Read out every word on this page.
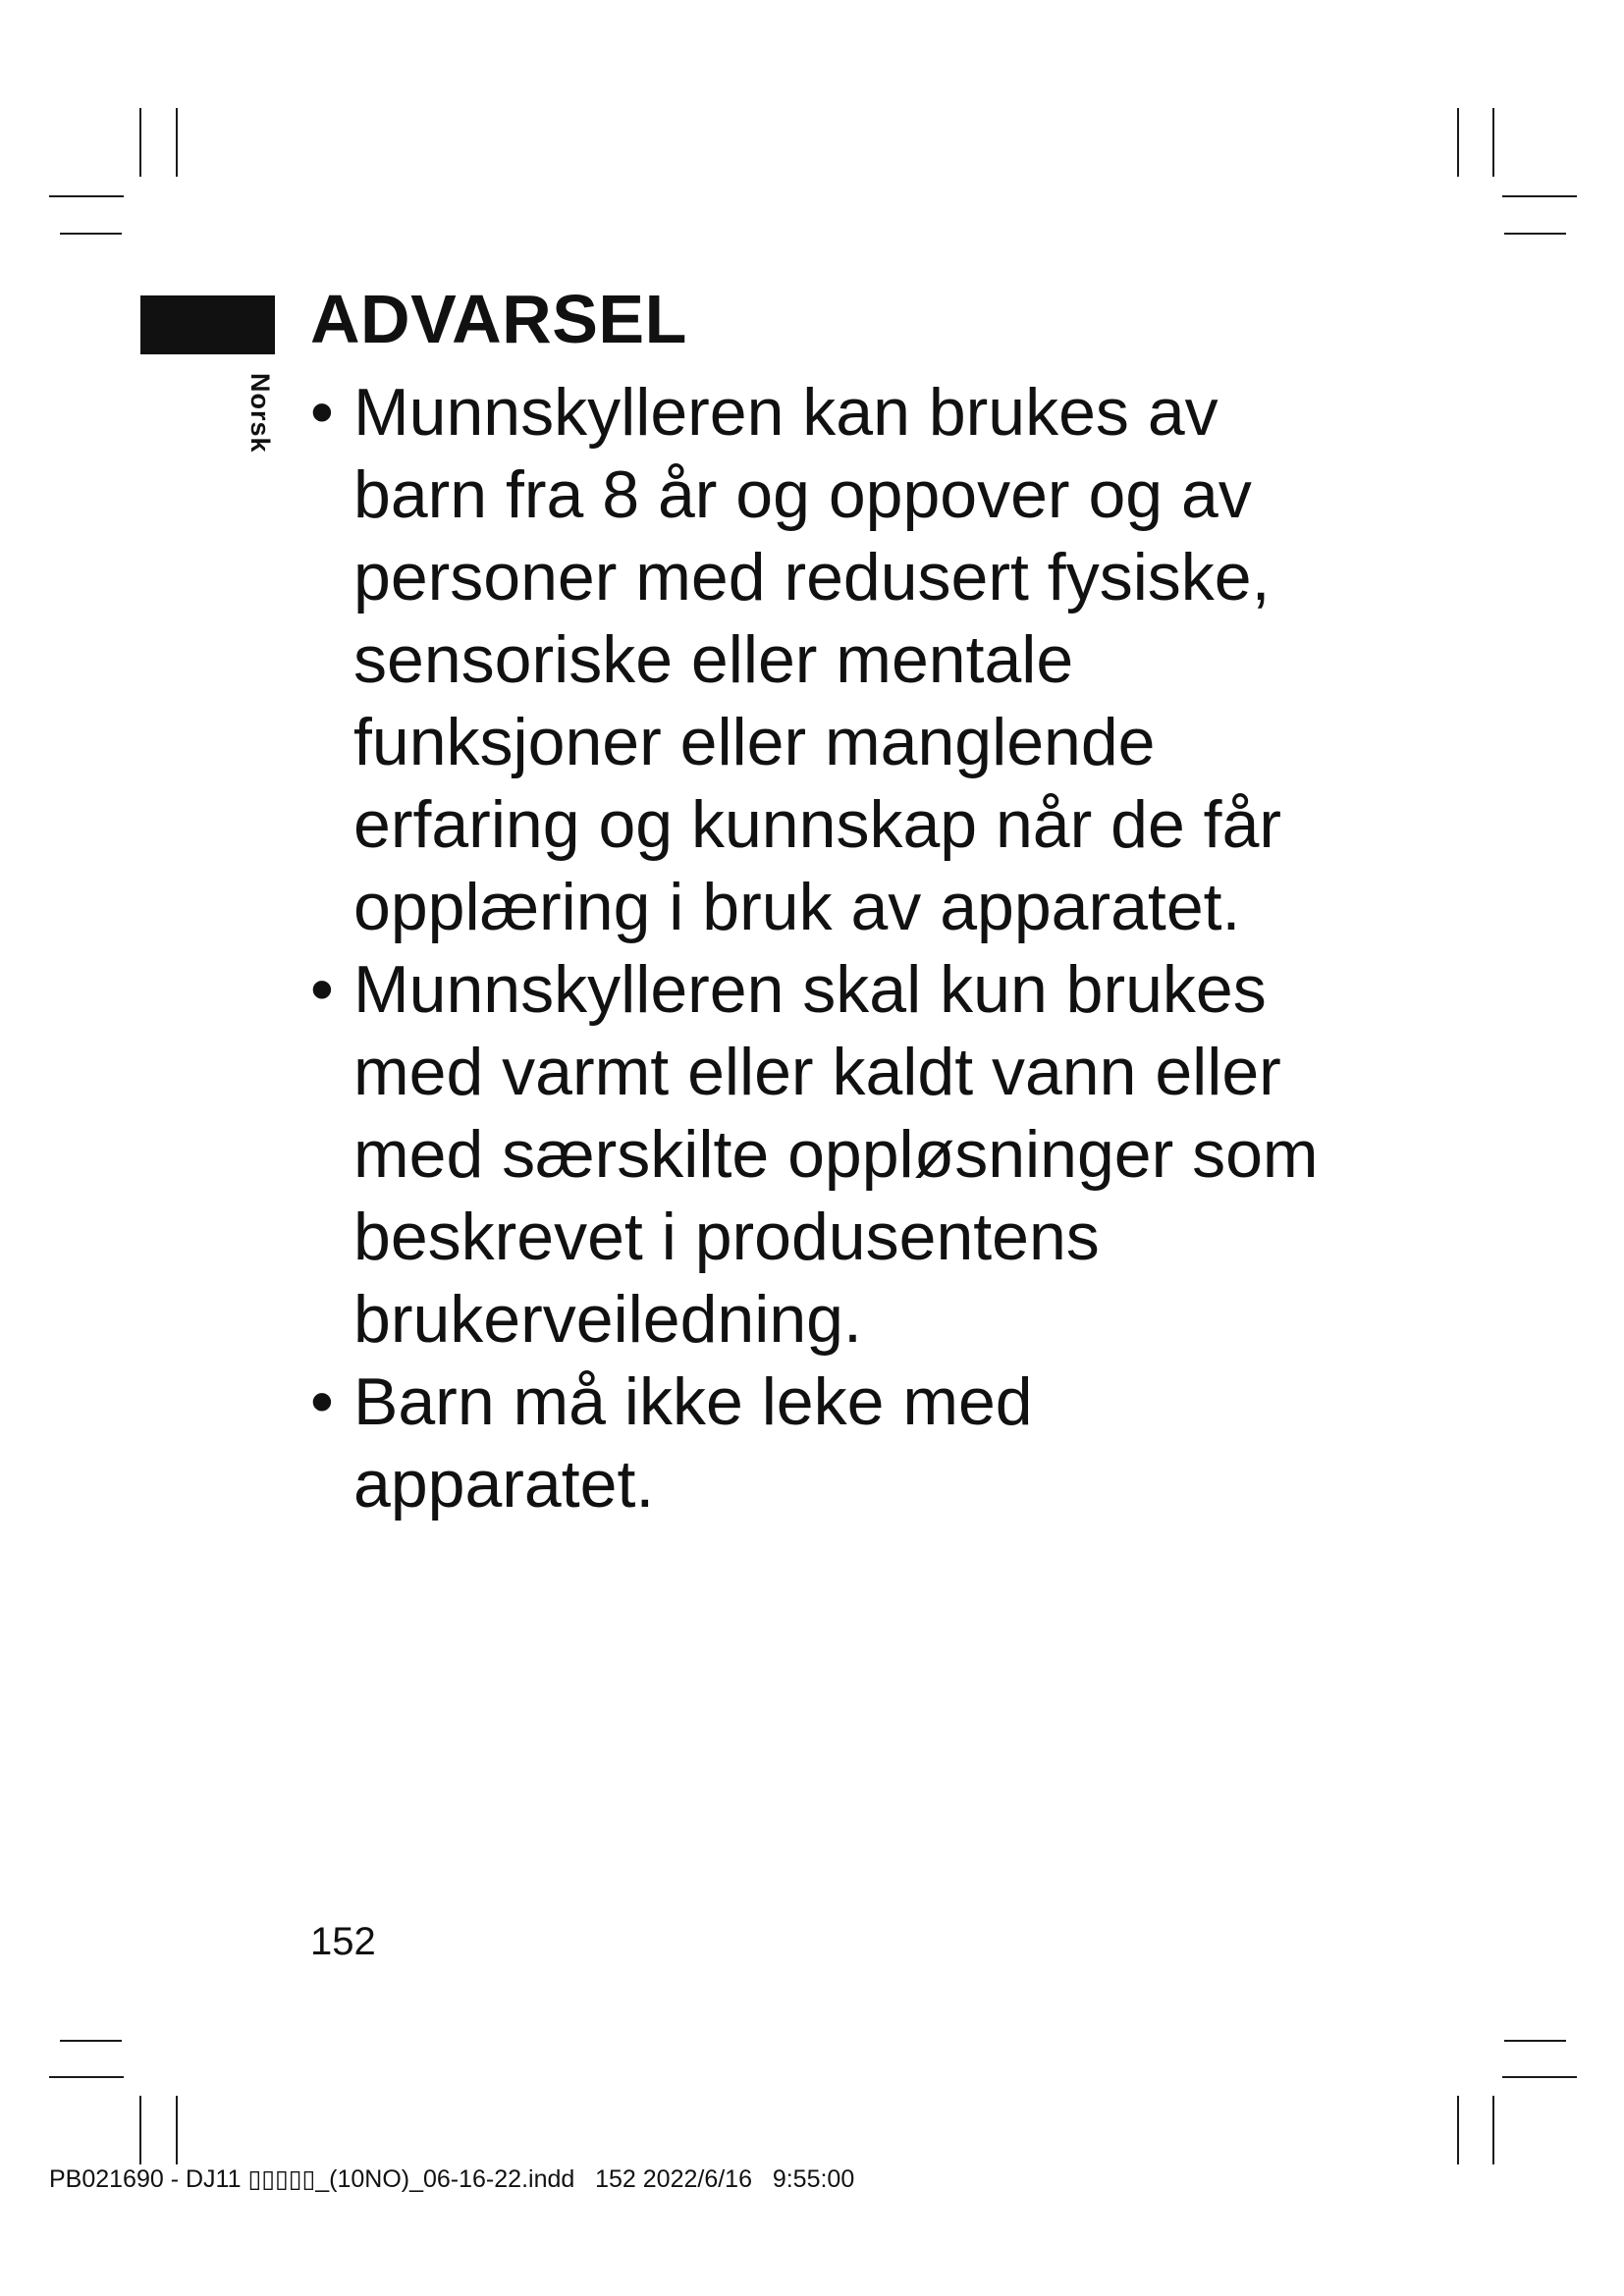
Norsk
ADVARSEL
• Munnskylleren kan brukes av barn fra 8 år og oppover og av personer med redusert fysiske, sensoriske eller mentale funksjoner eller manglende erfaring og kunnskap når de får opplæring i bruk av apparatet.
• Munnskylleren skal kun brukes med varmt eller kaldt vann eller med særskilte oppløsninger som beskrevet i produsentens brukerveiledning.
• Barn må ikke leke med apparatet.
152
PB021690 - DJ11 ▯▯▯▯▯_(10NO)_06-16-22.indd   152 2022/6/16   9:55:00
